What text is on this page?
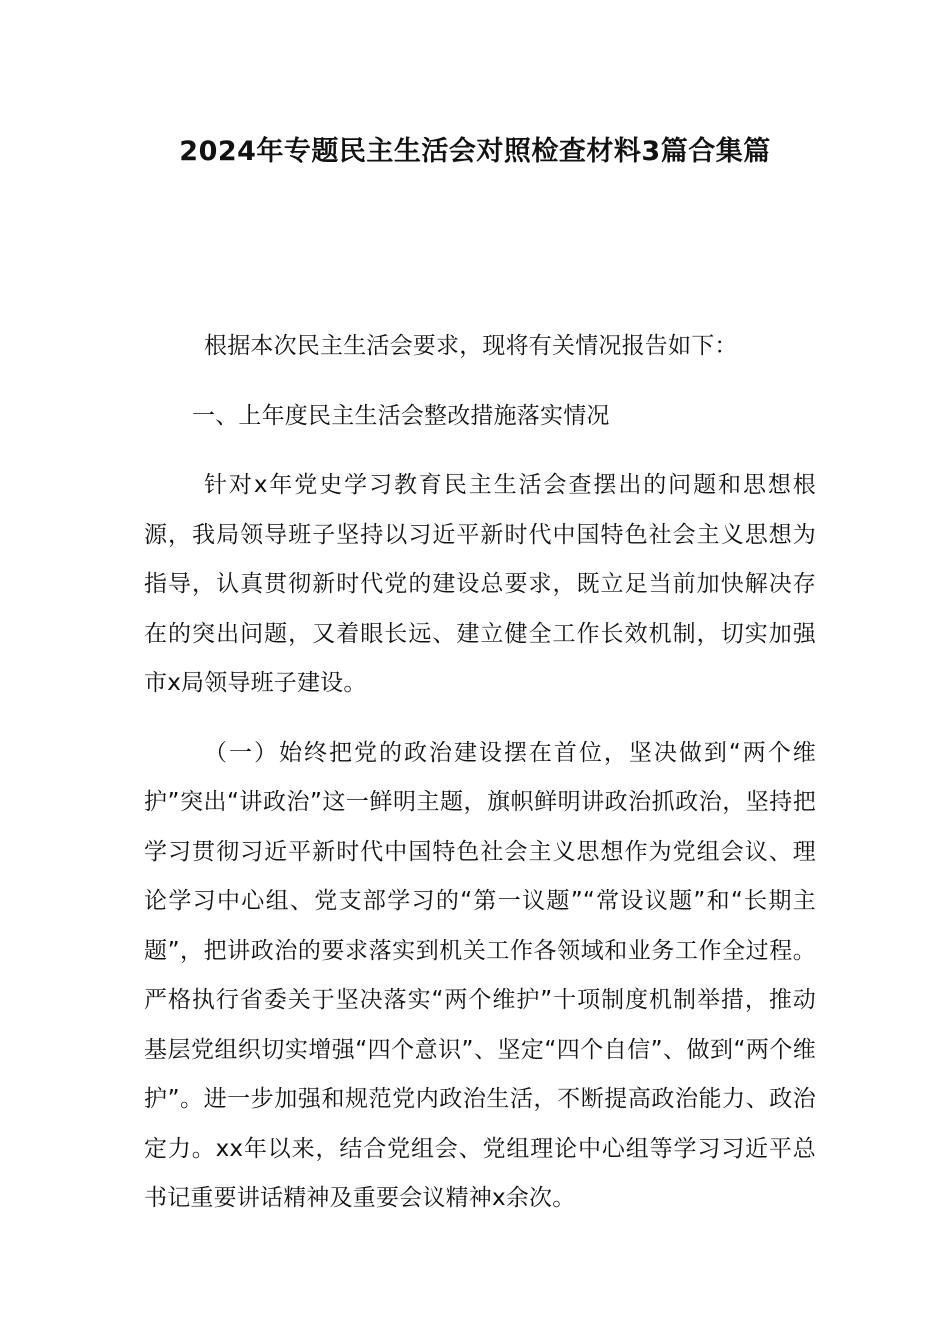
2024年专题民主生活会对照检查材料3篇合集篇

根据本次民主生活会要求，现将有关情况报告如下：

一、上年度民主生活会整改措施落实情况

针对x年党史学习教育民主生活会查摆出的问题和思想根源，我局领导班子坚持以习近平新时代中国特色社会主义思想为指导，认真贯彻新时代党的建设总要求，既立足当前加快解决存在的突出问题，又着眼长远、建立健全工作长效机制，切实加强市x局领导班子建设。

（一）始终把党的政治建设摆在首位，坚决做到“两个维护”突出“讲政治”这一鲜明主题，旗帜鲜明讲政治抓政治，坚持把学习贯彻习近平新时代中国特色社会主义思想作为党组会议、理论学习中心组、党支部学习的“第一议题”“常设议题”和“长期主题”，把讲政治的要求落实到机关工作各领域和业务工作全过程。严格执行省委关于坚决落实“两个维护”十项制度机制举措，推动基层党组织切实增强“四个意识”、坚定“四个自信”、做到“两个维护”。进一步加强和规范党内政治生活，不断提高政治能力、政治定力。xx年以来，结合党组会、党组理论中心组等学习习近平总书记重要讲话精神及重要会议精神x余次。
